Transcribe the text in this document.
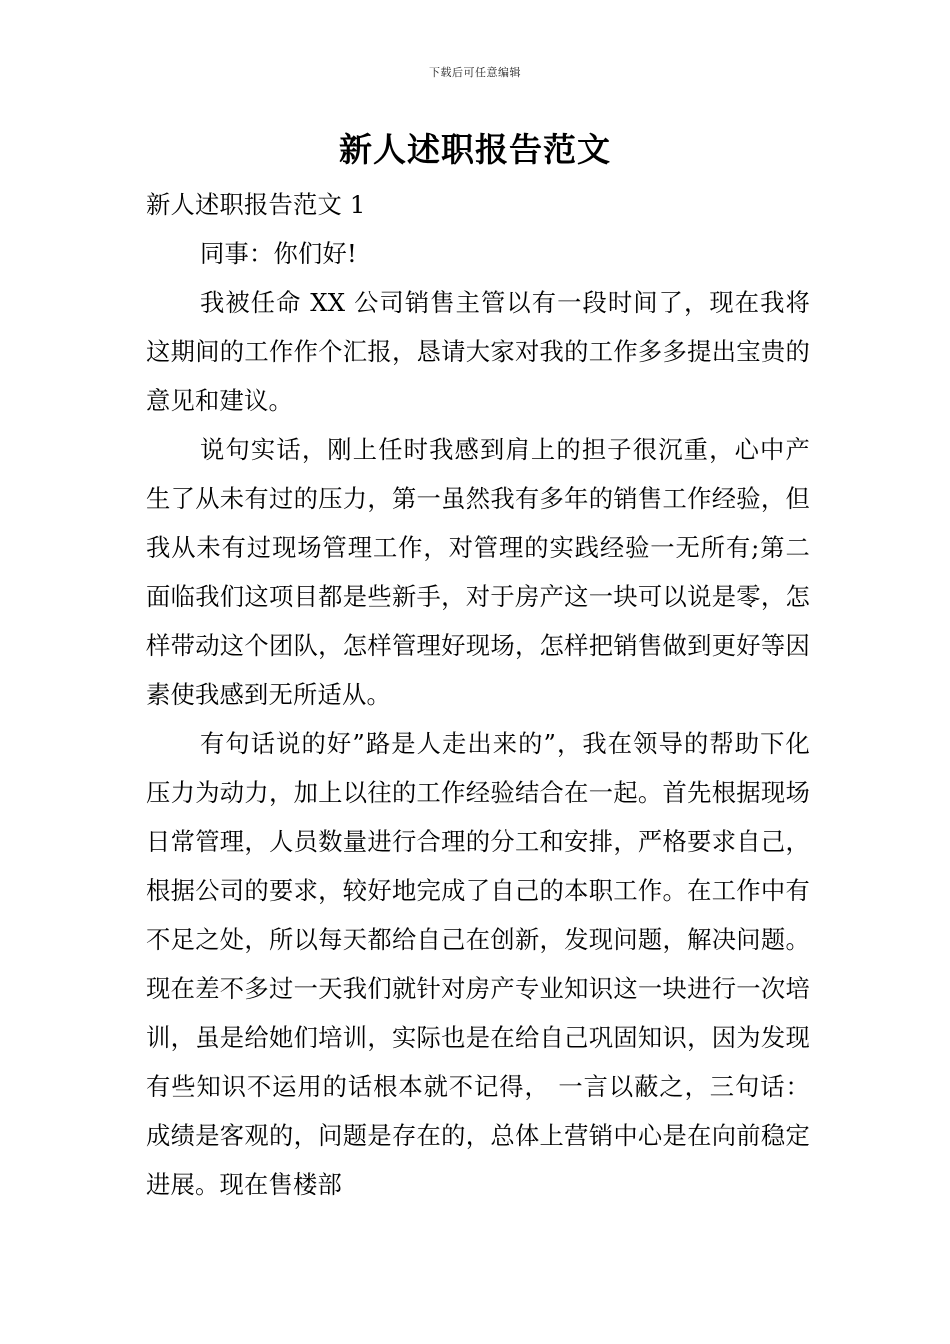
下载后可任意编辑
新人述职报告范文

新人述职报告范文 1

同事：你们好!

我被任命 XX 公司销售主管以有一段时间了，现在我将这期间的工作作个汇报，恳请大家对我的工作多多提出宝贵的意见和建议。

说句实话，刚上任时我感到肩上的担子很沉重，心中产生了从未有过的压力，第一虽然我有多年的销售工作经验，但我从未有过现场管理工作，对管理的实践经验一无所有;第二面临我们这项目都是些新手，对于房产这一块可以说是零，怎样带动这个团队，怎样管理好现场，怎样把销售做到更好等因素使我感到无所适从。

有句话说的好”路是人走出来的”，我在领导的帮助下化压力为动力，加上以往的工作经验结合在一起。首先根据现场日常管理，人员数量进行合理的分工和安排，严格要求自己，根据公司的要求，较好地完成了自己的本职工作。在工作中有不足之处，所以每天都给自己在创新，发现问题，解决问题。现在差不多过一天我们就针对房产专业知识这一块进行一次培训，虽是给她们培训，实际也是在给自己巩固知识，因为发现有些知识不运用的话根本就不记得， 一言以蔽之，三句话：成绩是客观的，问题是存在的，总体上营销中心是在向前稳定进展。现在售楼部
